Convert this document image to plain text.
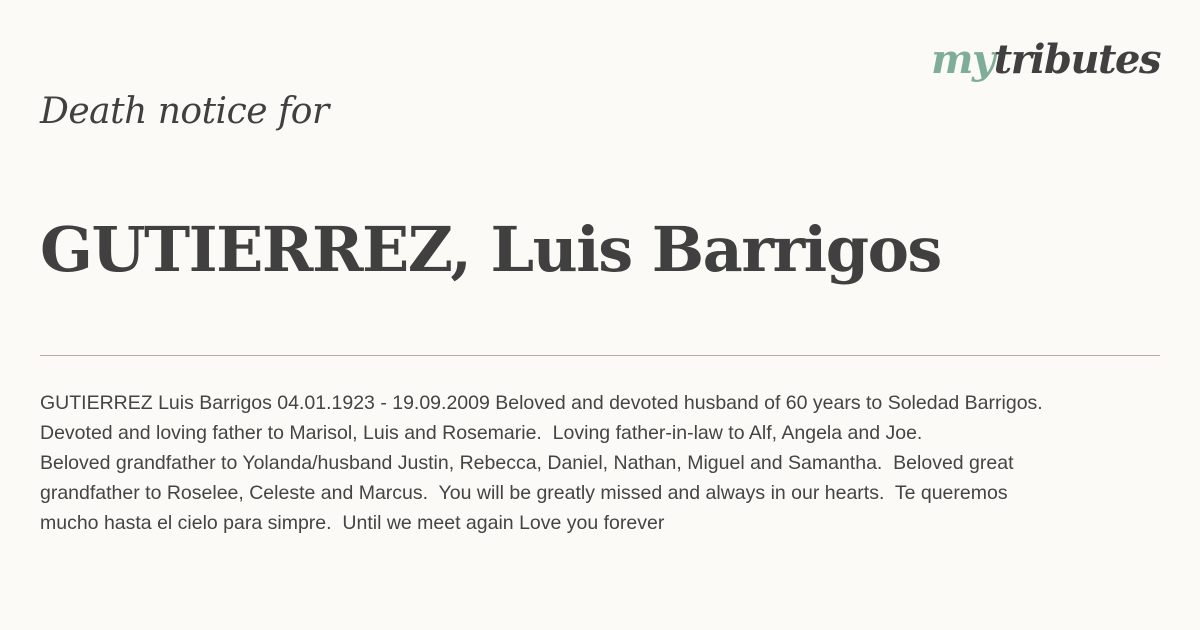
mytributes
Death notice for
GUTIERREZ, Luis Barrigos

GUTIERREZ Luis Barrigos 04.01.1923 - 19.09.2009 Beloved and devoted husband of 60 years to Soledad Barrigos.
Devoted and loving father to Marisol, Luis and Rosemarie.  Loving father-in-law to Alf, Angela and Joe.
Beloved grandfather to Yolanda/husband Justin, Rebecca, Daniel, Nathan, Miguel and Samantha.  Beloved great
grandfather to Roselee, Celeste and Marcus.  You will be greatly missed and always in our hearts.  Te queremos
mucho hasta el cielo para simpre.  Until we meet again Love you forever
